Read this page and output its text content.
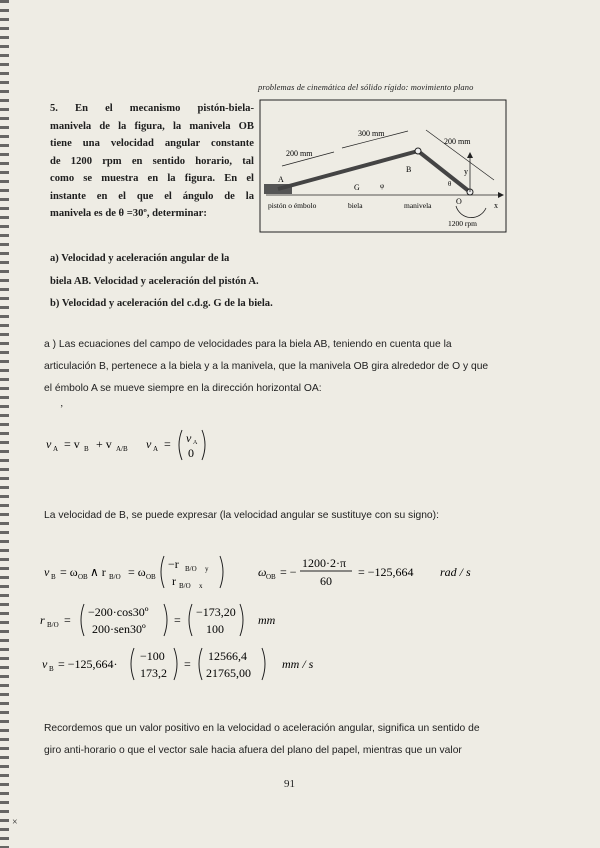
problemas de cinemática del sólido rígido: movimiento plano
5. En el mecanismo pistón-biela-
manivela de la figura, la manivela OB
tiene una velocidad angular constante
de 1200 rpm en sentido horario, tal
como se muestra en la figura. En el
instante en el que el ángulo de la
manivela es de θ =30º, determinar:
a) Velocidad y aceleración angular de la
biela AB. Velocidad y aceleración del pistón A.
b) Velocidad y aceleración del c.d.g. G de la biela.
200 mm
300 mm
200 mm
A
G
B
O
y
x
θ
φ
pistón o émbolo	biela	manivela
1200 rpm
a ) Las ecuaciones del campo de velocidades para la biela AB, teniendo en cuenta que la
articulación B, pertenece a la biela y a la manivela, que la manivela OB gira alrededor de O y que
el émbolo A se mueve siempre en la dirección horizontal OA:
’
v A = v B + v A/B v A = v A
0
La velocidad de B, se puede expresar (la velocidad angular se sustituye con su signo):
v B = ω OB ∧ r B/O = ω OB
−r B/O y
r B/O x
ω OB = −
1200·2·π
60
= −125,664 rad / s
r B/O =
−200·cos30º
200·sen30º
=
−173,20
100
mm
v B = −125,664·
−100
173,2
=
12566,4
21765,00
mm / s
Recordemos que un valor positivo en la velocidad o aceleración angular, significa un sentido de
giro anti-horario o que el vector sale hacia afuera del plano del papel, mientras que un valor
91
×
